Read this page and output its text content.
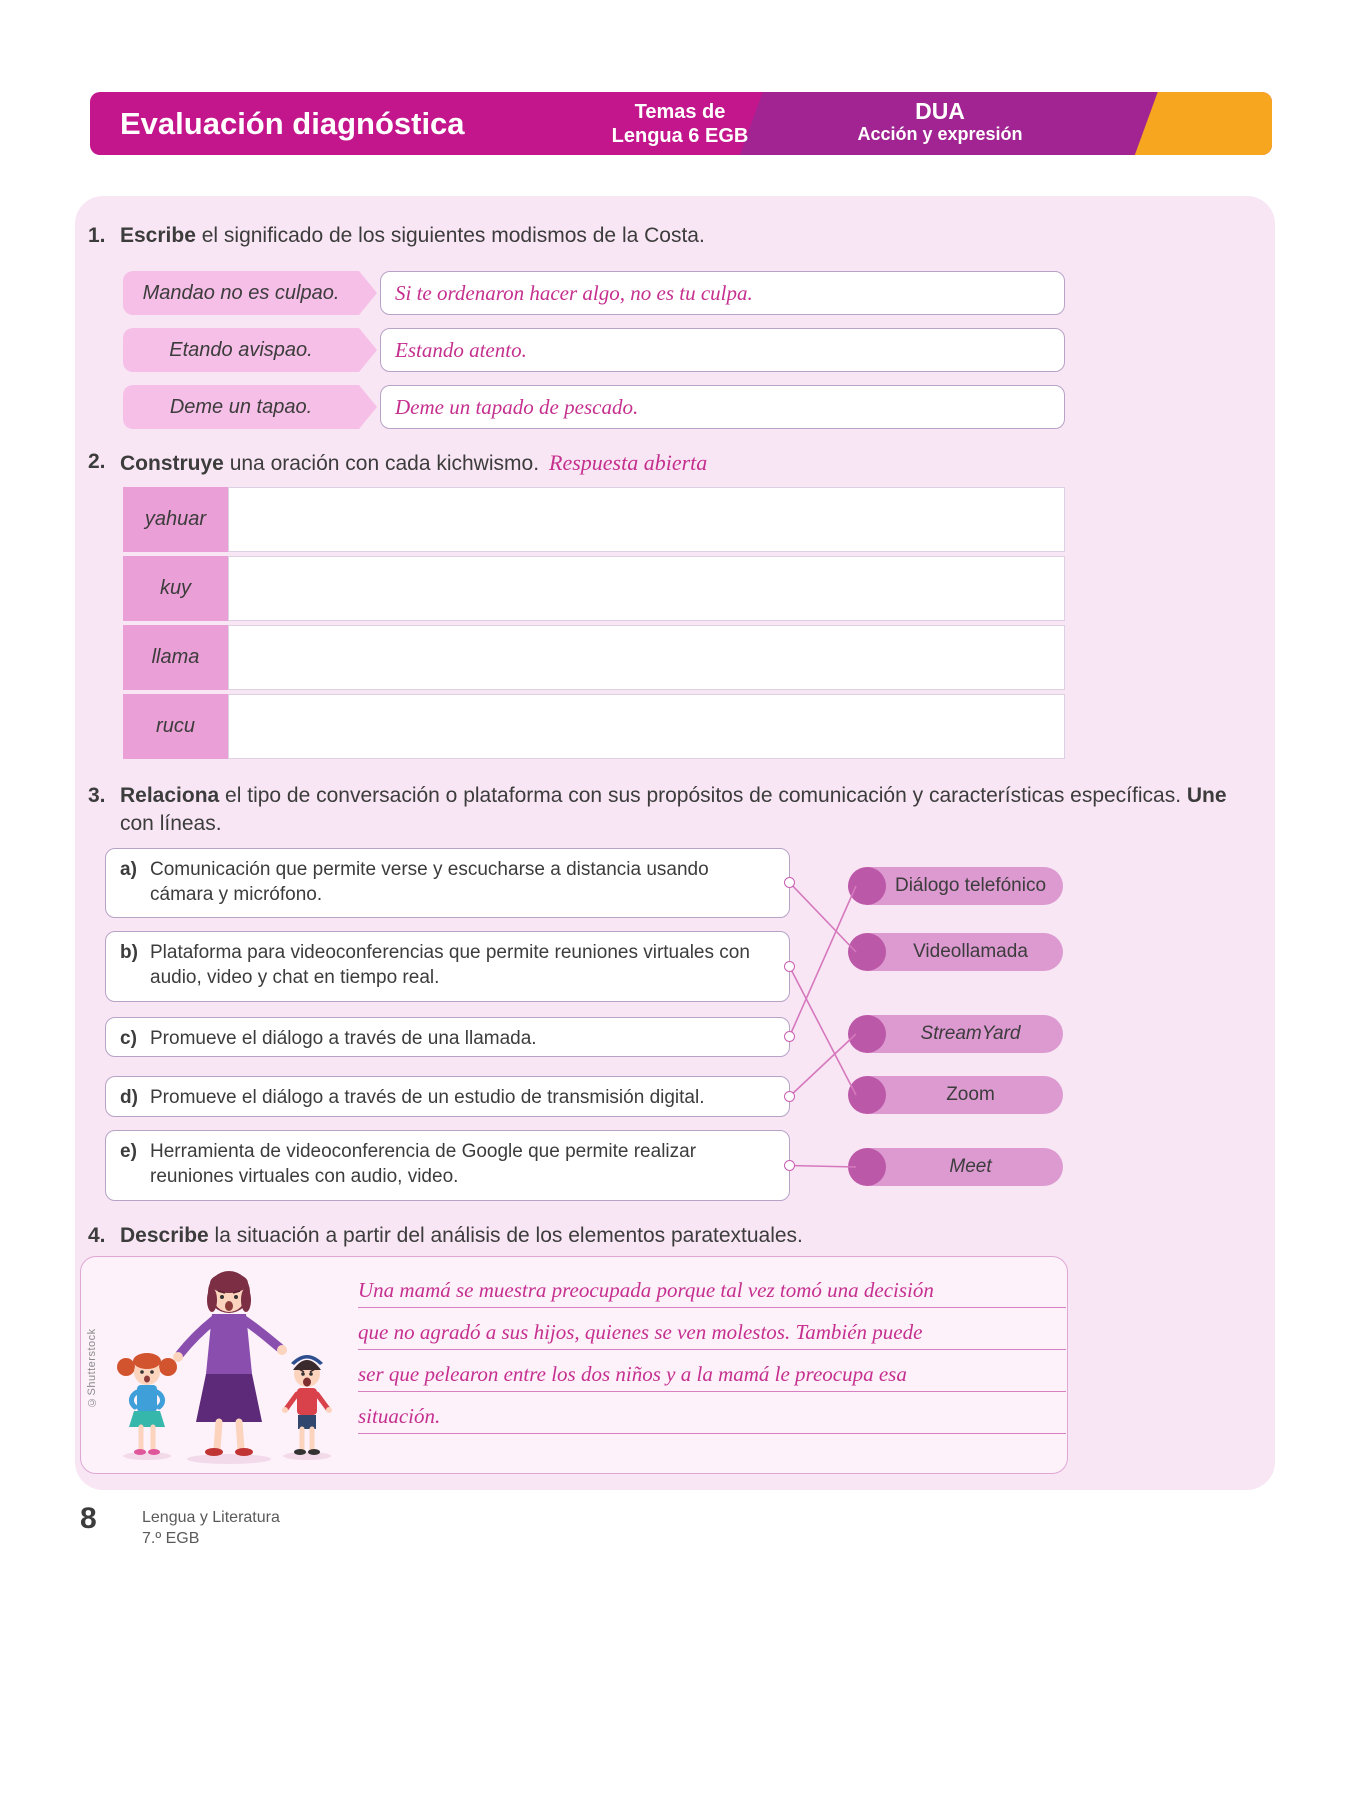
Evaluación diagnóstica	Temas de
Lengua 6 EGB
DUA
Acción y expresión
1. Escribe el significado de los siguientes modismos de la Costa.
Mandao no es culpao.	Si te ordenaron hacer algo, no es tu culpa.
Etando avispao.	Estando atento.
Deme un tapao.	Deme un tapado de pescado.
2. Construye una oración con cada kichwismo. Respuesta abierta
yahuar
kuy
llama
rucu
3. Relaciona el tipo de conversación o plataforma con sus propósitos de comunicación y características específicas. Une con líneas.
a) Comunicación que permite verse y escucharse a distancia usando cámara y micrófono.
b) Plataforma para videoconferencias que permite reuniones virtuales con audio, video y chat en tiempo real.
c) Promueve el diálogo a través de una llamada.
d) Promueve el diálogo a través de un estudio de transmisión digital.
e) Herramienta de videoconferencia de Google que permite realizar reuniones virtuales con audio, video.
Diálogo telefónico
Videollamada
StreamYard
Zoom
Meet
4. Describe la situación a partir del análisis de los elementos paratextuales.
©Shutterstock
Una mamá se muestra preocupada porque tal vez tomó una decisión
que no agradó a sus hijos, quienes se ven molestos. También puede
ser que pelearon entre los dos niños y a la mamá le preocupa esa
situación.
8	Lengua y Literatura
7.º EGB
